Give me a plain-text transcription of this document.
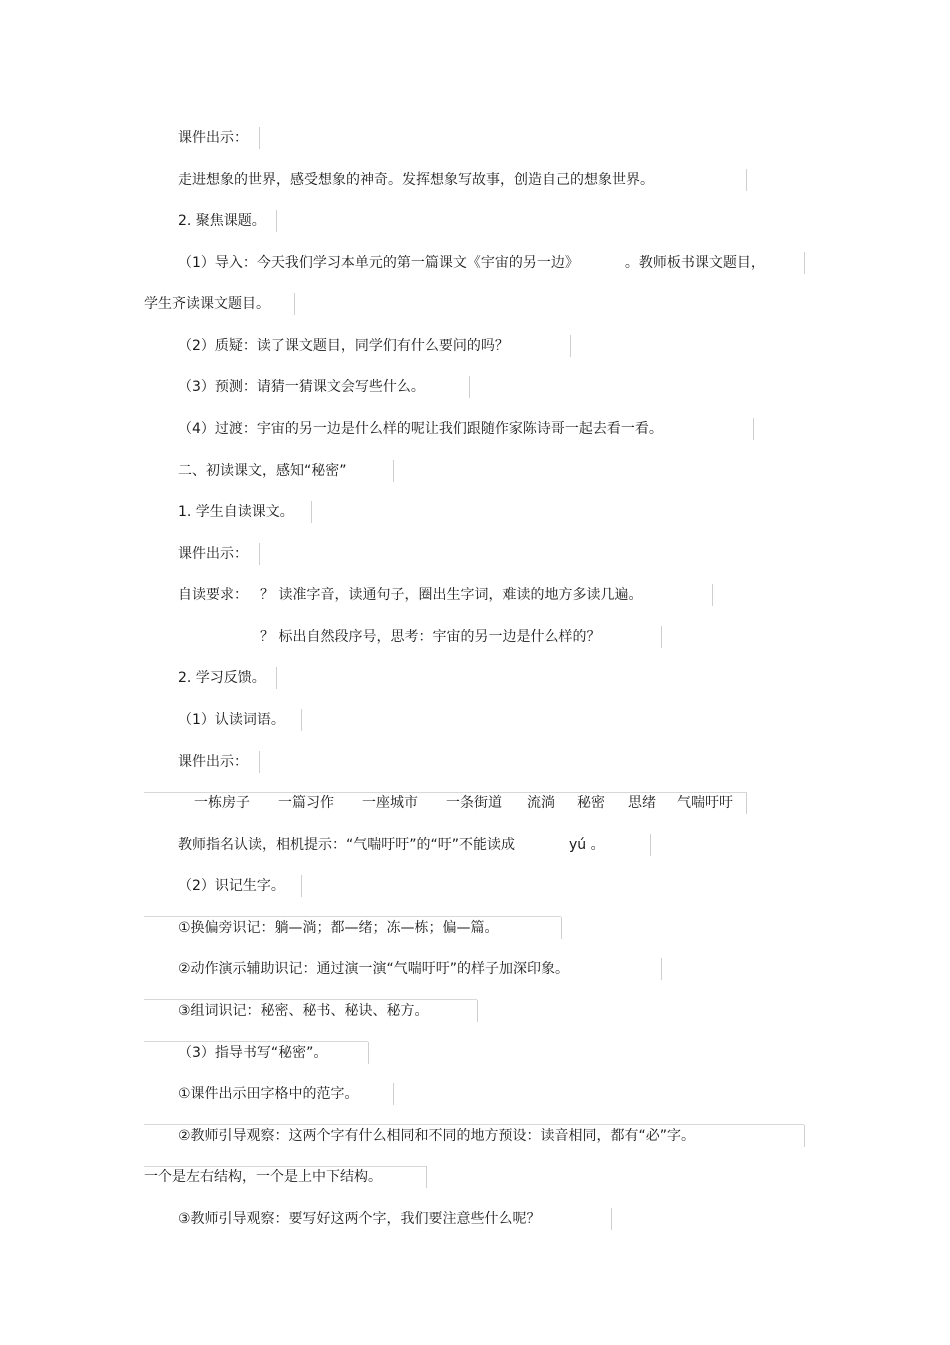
课件出示：
走进想象的世界，感受想象的神奇。发挥想象写故事，创造自己的想象世界。
2. 聚焦课题。
（1）导入：今天我们学习本单元的第一篇课文《宇宙的另一边》	。教师板书课文题目，
学生齐读课文题目。
（2）质疑：读了课文题目，同学们有什么要问的吗？
（3）预测：请猜一猜课文会写些什么。
（4）过渡：宇宙的另一边是什么样的呢让我们跟随作家陈诗哥一起去看一看。
二、初读课文，感知“秘密”
1. 学生自读课文。
课件出示：
自读要求： ？ 读准字音，读通句子，圈出生字词，难读的地方多读几遍。
？ 标出自然段序号，思考：宇宙的另一边是什么样的？
2. 学习反馈。
（1）认读词语。
课件出示：
一栋房子 一篇习作 一座城市 一条街道 流淌 秘密 思绪 气喘吁吁
教师指名认读，相机提示：“气喘吁吁”的“吁”不能读成	yú 。
（2）识记生字。
①换偏旁识记：躺—淌；都—绪；冻—栋；偏—篇。
②动作演示辅助识记：通过演一演“气喘吁吁”的样子加深印象。
③组词识记：秘密、秘书、秘诀、秘方。
（3）指导书写“秘密”。
①课件出示田字格中的范字。
②教师引导观察：这两个字有什么相同和不同的地方预设：读音相同，都有“必”字。
一个是左右结构，一个是上中下结构。
③教师引导观察：要写好这两个字，我们要注意些什么呢？
